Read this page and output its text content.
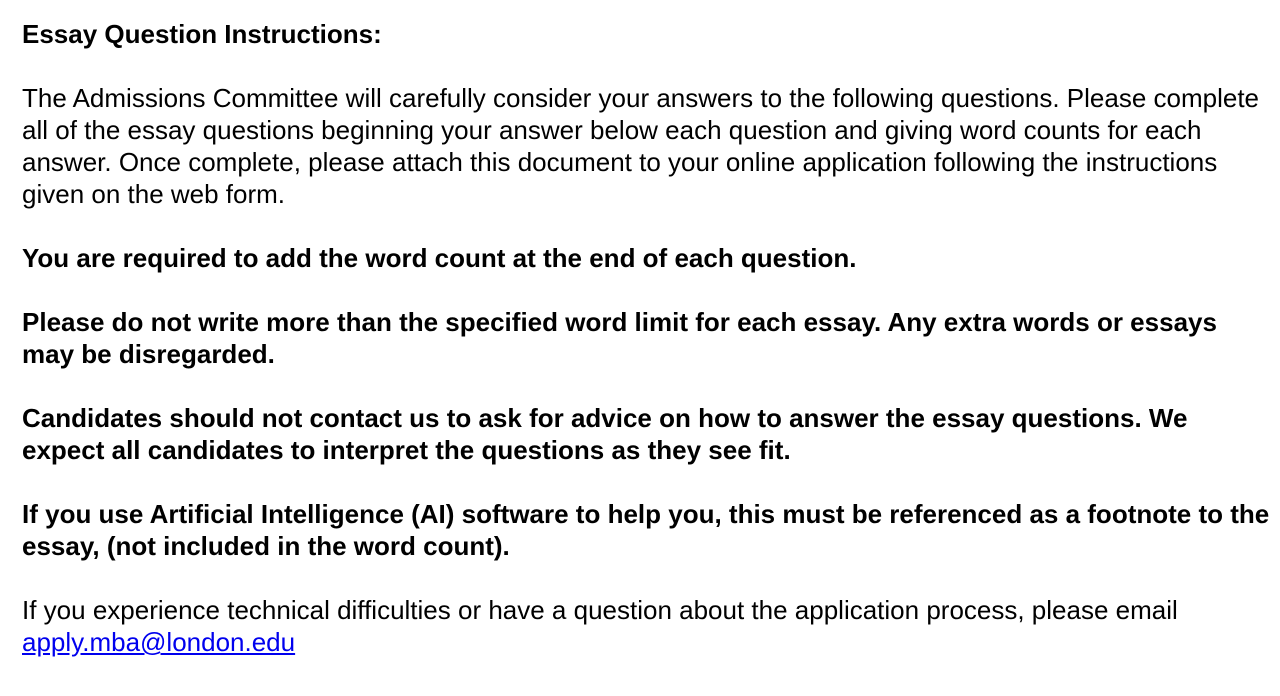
Essay Question Instructions:

The Admissions Committee will carefully consider your answers to the following questions. Please complete all of the essay questions beginning your answer below each question and giving word counts for each answer. Once complete, please attach this document to your online application following the instructions given on the web form.

You are required to add the word count at the end of each question.

Please do not write more than the specified word limit for each essay. Any extra words or essays may be disregarded.

Candidates should not contact us to ask for advice on how to answer the essay questions. We expect all candidates to interpret the questions as they see fit.

If you use Artificial Intelligence (AI) software to help you, this must be referenced as a footnote to the essay, (not included in the word count).

If you experience technical difficulties or have a question about the application process, please email apply.mba@london.edu
